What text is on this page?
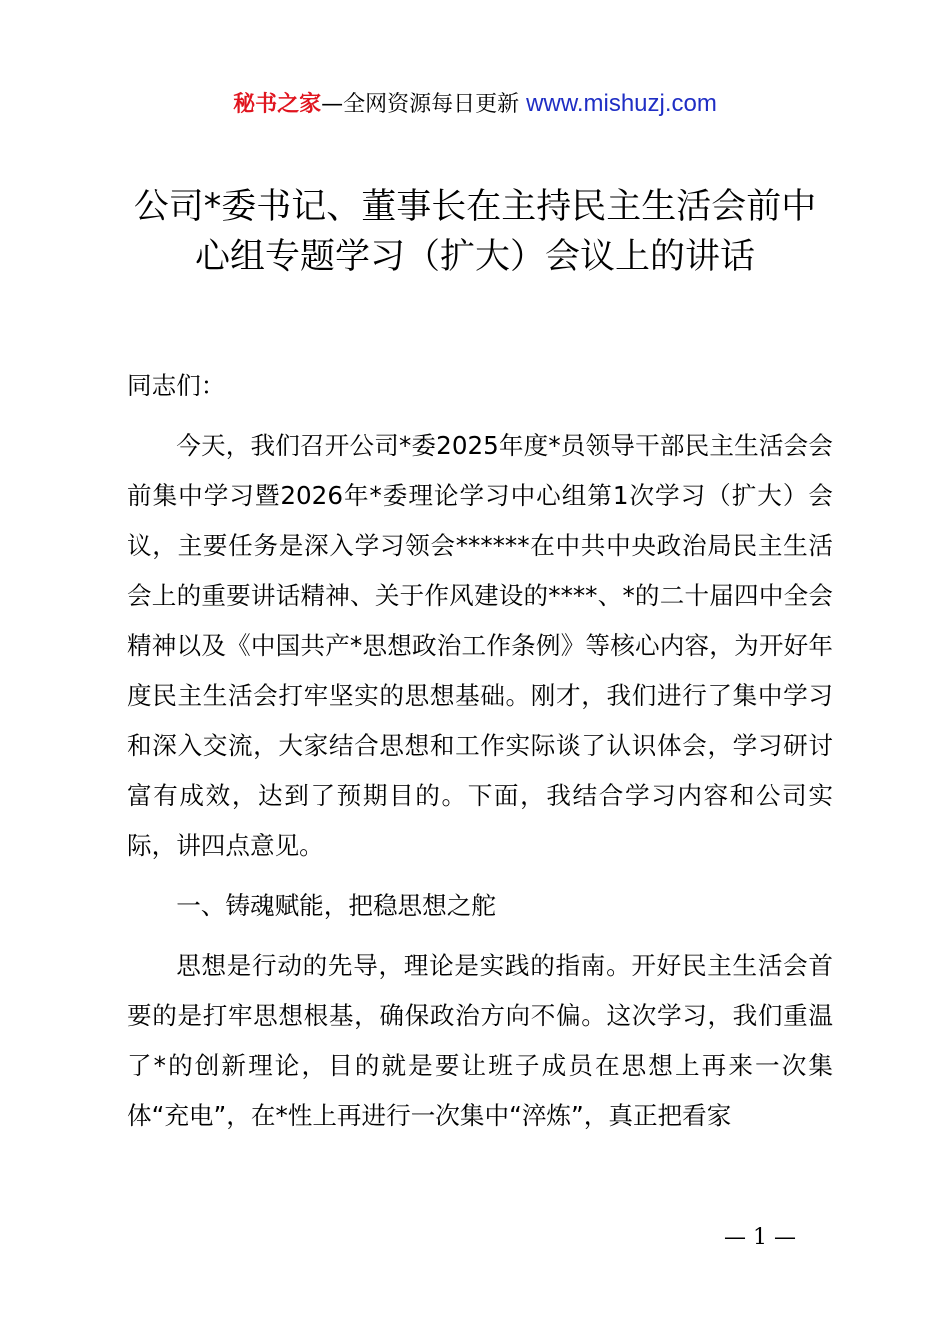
秘书之家—全网资源每日更新 www.mishuzj.com
公司*委书记、董事长在主持民主生活会前中
心组专题学习（扩大）会议上的讲话

同志们：

今天，我们召开公司*委2025年度*员领导干部民主生活会会前集中学习暨2026年*委理论学习中心组第1次学习（扩大）会议，主要任务是深入学习领会******在中共中央政治局民主生活会上的重要讲话精神、关于作风建设的****、*的二十届四中全会精神以及《中国共产*思想政治工作条例》等核心内容，为开好年度民主生活会打牢坚实的思想基础。刚才，我们进行了集中学习和深入交流，大家结合思想和工作实际谈了认识体会，学习研讨富有成效，达到了预期目的。下面，我结合学习内容和公司实际，讲四点意见。

一、铸魂赋能，把稳思想之舵

思想是行动的先导，理论是实践的指南。开好民主生活会首要的是打牢思想根基，确保政治方向不偏。这次学习，我们重温了*的创新理论，目的就是要让班子成员在思想上再来一次集体“充电”，在*性上再进行一次集中“淬炼”，真正把看家

— 1 —
